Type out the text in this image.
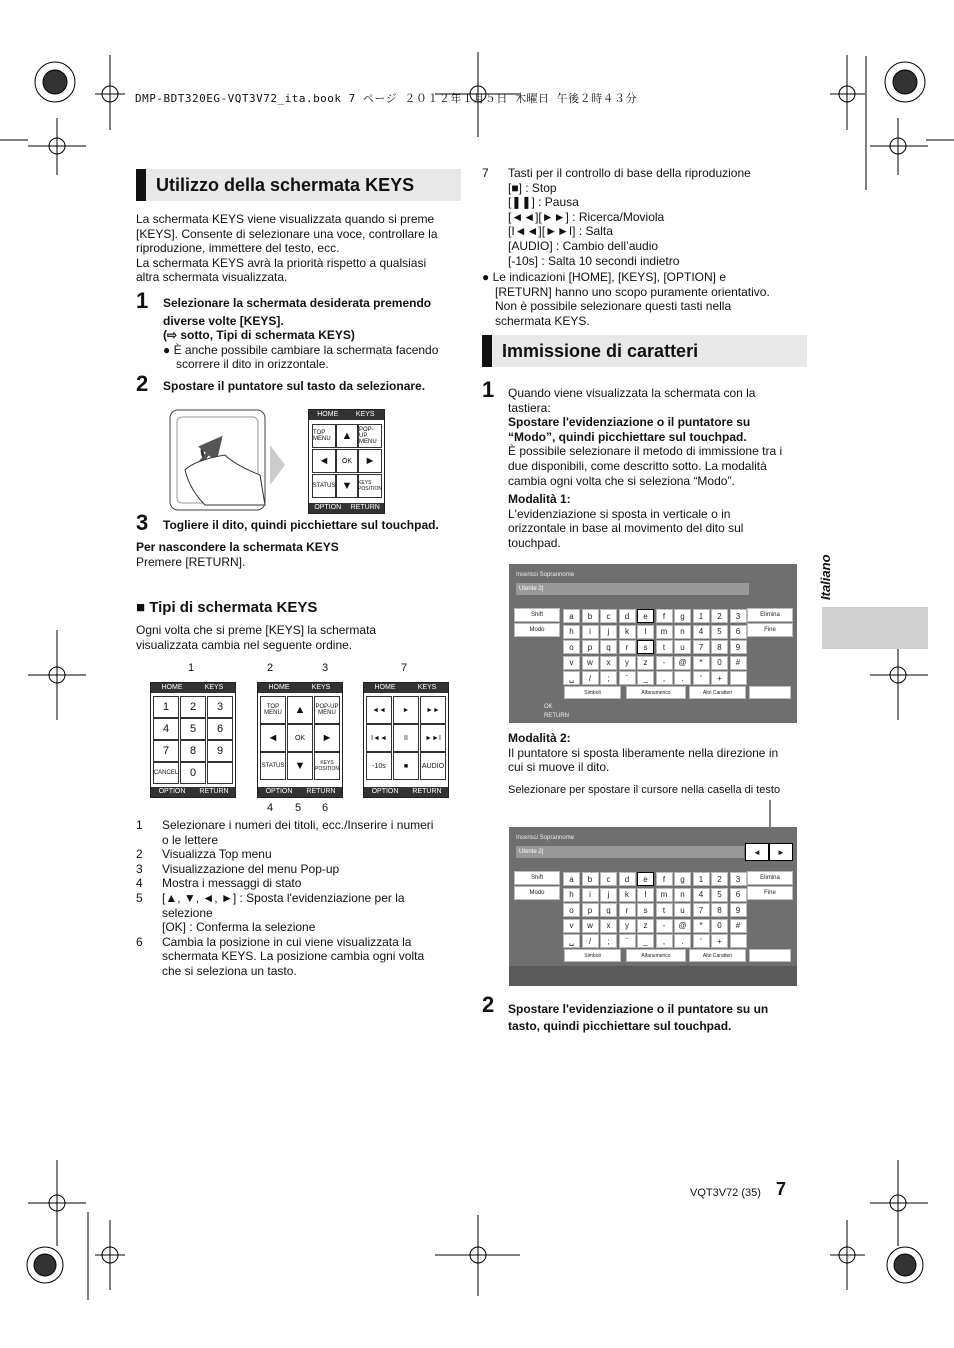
DMP-BDT320EG-VQT3V72_ita.book 7 ページ ２０１２年１月５日 木曜日 午後２時４３分
Utilizzo della schermata KEYS
La schermata KEYS viene visualizzata quando si preme
[KEYS]. Consente di selezionare una voce, controllare la
riproduzione, immettere del testo, ecc.
La schermata KEYS avrà la priorità rispetto a qualsiasi
altra schermata visualizzata.
1 Selezionare la schermata desiderata premendo
diverse volte [KEYS].
(⇨ sotto, Tipi di schermata KEYS)
● È anche possibile cambiare la schermata facendo
scorrere il dito in orizzontale.
2 Spostare il puntatore sul tasto da selezionare.
HOME	KEYS
TOP MENU ▲	POP-UP MENU
◄	OK	►
STATUS ▼	KEYS POSITION
OPTION	RETURN
3 Togliere il dito, quindi picchiettare sul touchpad.
Per nascondere la schermata KEYS
Premere [RETURN].
■ Tipi di schermata KEYS
Ogni volta che si preme [KEYS] la schermata
visualizzata cambia nel seguente ordine.
1	2	3	7
HOME	KEYS
1	2	3
4	5	6
7	8	9
CANCEL	0
OPTION	RETURN
HOME	KEYS
TOP MENU	▲	POP-UP MENU
◄	OK	►
STATUS ▼	KEYS POSITION
OPTION	RETURN
HOME	KEYS
◄◄	►	►►
I◄◄	II	►►I
-10s	■	AUDIO
OPTION	RETURN
4 5 6
1	Selezionare i numeri dei titoli, ecc./Inserire i numeri
o le lettere
2	Visualizza Top menu
3	Visualizzazione del menu Pop-up
4	Mostra i messaggi di stato
5	[▲, ▼, ◄, ►] : Sposta l'evidenziazione per la
selezione
[OK] : Conferma la selezione
6	Cambia la posizione in cui viene visualizzata la
schermata KEYS. La posizione cambia ogni volta
che si seleziona un tasto.
7	Tasti per il controllo di base della riproduzione
[■] : Stop
[❚❚] : Pausa
[◄◄][►►] : Ricerca/Moviola
[I◄◄][►►I] : Salta
[AUDIO] : Cambio dell’audio
[-10s] : Salta 10 secondi indietro
● Le indicazioni [HOME], [KEYS], [OPTION] e
[RETURN] hanno uno scopo puramente orientativo.
Non è possibile selezionare questi tasti nella
schermata KEYS.
Immissione di caratteri
1 Quando viene visualizzata la schermata con la
tastiera:
Spostare l'evidenziazione o il puntatore su
“Modo”, quindi picchiettare sul touchpad.
È possibile selezionare il metodo di immissione tra i
due disponibili, come descritto sotto. La modalità
cambia ogni volta che si seleziona “Modo”.
Modalità 1:
L'evidenziazione si sposta in verticale o in
orizzontale in base al movimento del dito sul
touchpad.
Inserisci Soprannome
Utente 2|
Shift
Modo
Elimina
Fine
Simboli	Alfanumerico	Altri Caratteri
OK
RETURN
a	b	c	d	e	f	g	1	2	3
h	i	j	k	l	m	n	4	5	6
o	p	q	r	s	t	u	7	8	9
v	w	x	y	z	-	@	*	0	#
␣	/	;	¨	_	,	.	'	+
Modalità 2:
Il puntatore si sposta liberamente nella direzione in
cui si muove il dito.
Selezionare per spostare il cursore nella casella di testo
Inserisci Soprannome
Utente 2|	◄	►
Shift
Modo
Elimina
Fine
Simboli	Alfanumerico	Altri Caratteri
a	b	c	d	e	f	g	1	2	3
h	i	j	k	l	m	n	4	5	6
o	p	q	r	s	t	u	7	8	9
v	w	x	y	z	-	@	*	0	#
␣	/	;	¨	_	,	.	'	+
2 Spostare l'evidenziazione o il puntatore su un
tasto, quindi picchiettare sul touchpad.
Italiano
VQT3V72 (35) 7
